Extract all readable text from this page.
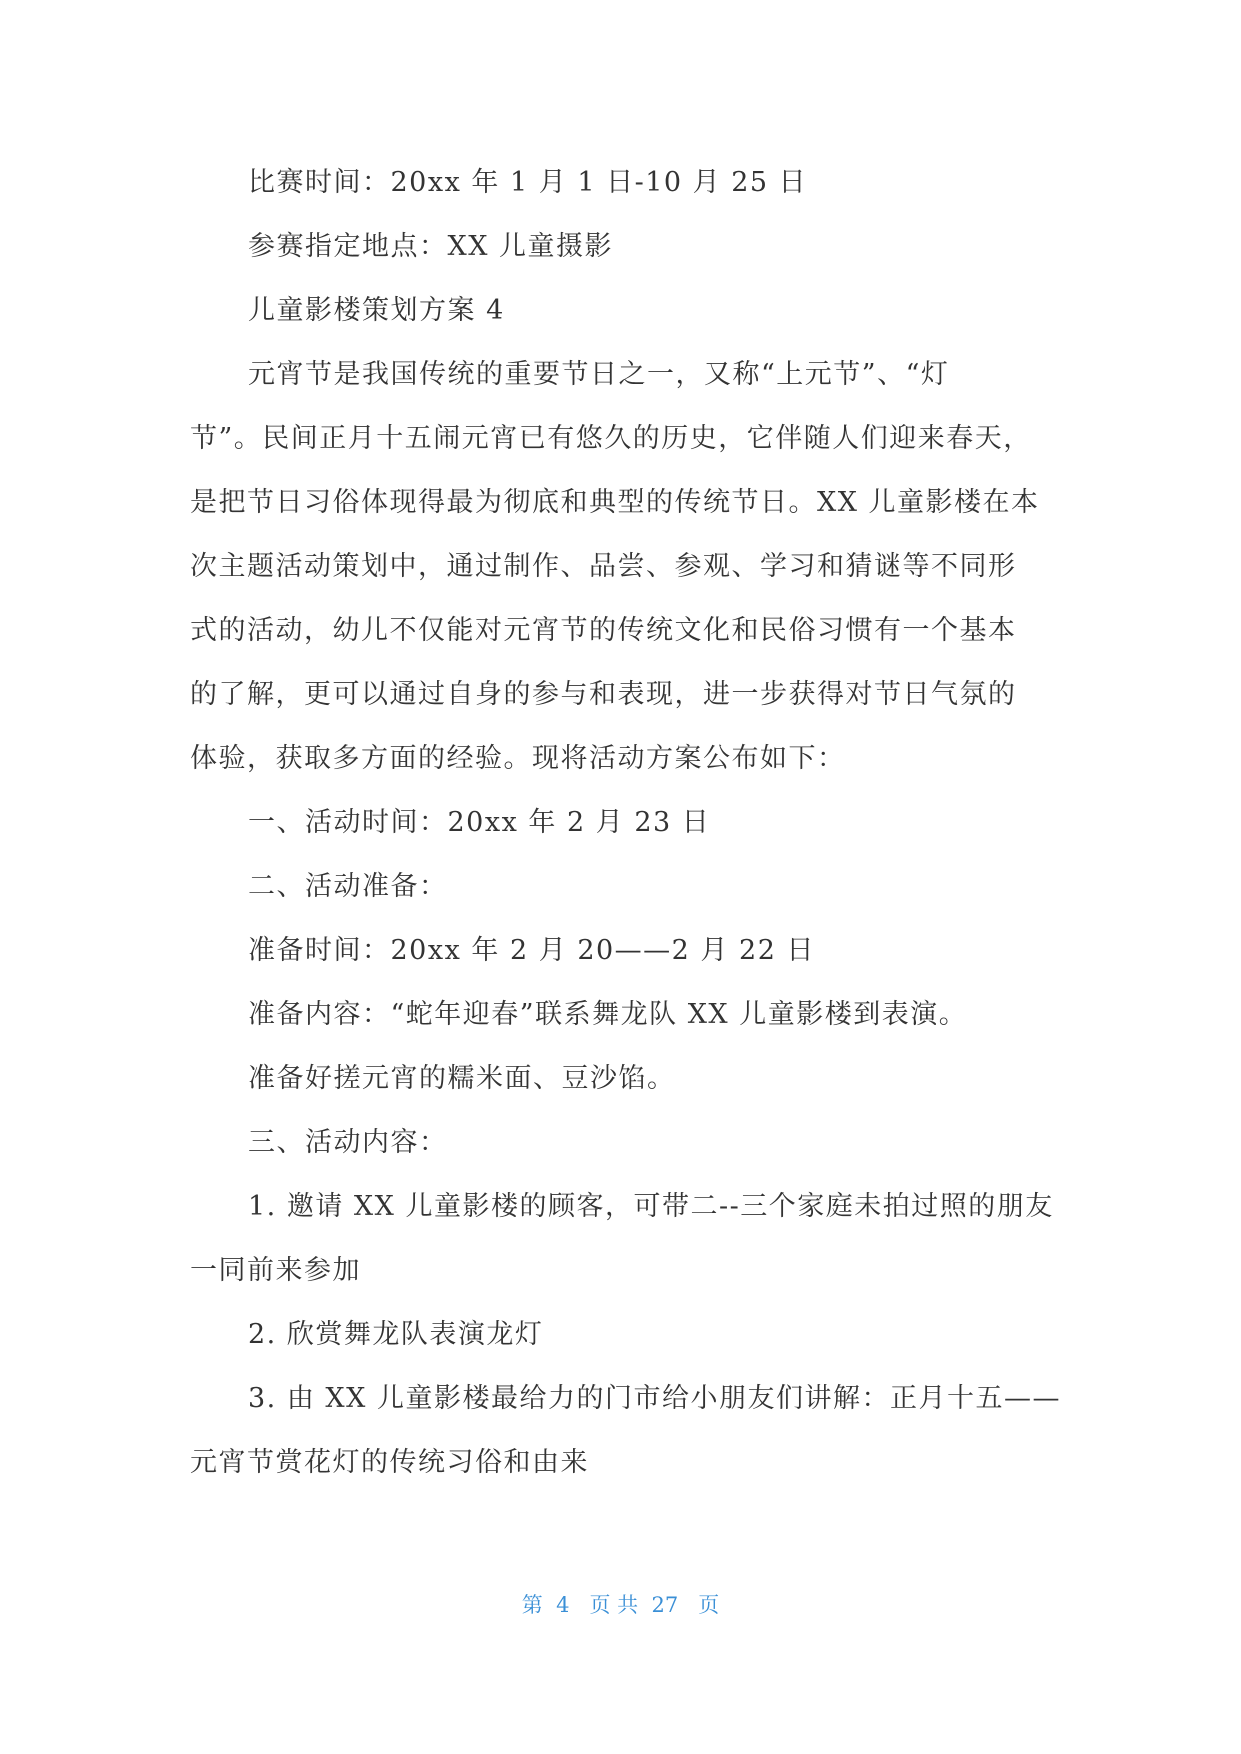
比赛时间：20xx 年 1 月 1 日-10 月 25 日
参赛指定地点：XX 儿童摄影
儿童影楼策划方案 4
元宵节是我国传统的重要节日之一，又称“上元节”、“灯
节”。民间正月十五闹元宵已有悠久的历史，它伴随人们迎来春天，
是把节日习俗体现得最为彻底和典型的传统节日。XX 儿童影楼在本
次主题活动策划中，通过制作、品尝、参观、学习和猜谜等不同形
式的活动，幼儿不仅能对元宵节的传统文化和民俗习惯有一个基本
的了解，更可以通过自身的参与和表现，进一步获得对节日气氛的
体验，获取多方面的经验。现将活动方案公布如下：
一、活动时间：20xx 年 2 月 23 日
二、活动准备：
准备时间：20xx 年 2 月 20——2 月 22 日
准备内容：“蛇年迎春”联系舞龙队 XX 儿童影楼到表演。
准备好搓元宵的糯米面、豆沙馅。
三、活动内容：
1. 邀请 XX 儿童影楼的顾客，可带二--三个家庭未拍过照的朋友
一同前来参加
2. 欣赏舞龙队表演龙灯
3. 由 XX 儿童影楼最给力的门市给小朋友们讲解：正月十五——
元宵节赏花灯的传统习俗和由来
第  4   页 共  27   页
